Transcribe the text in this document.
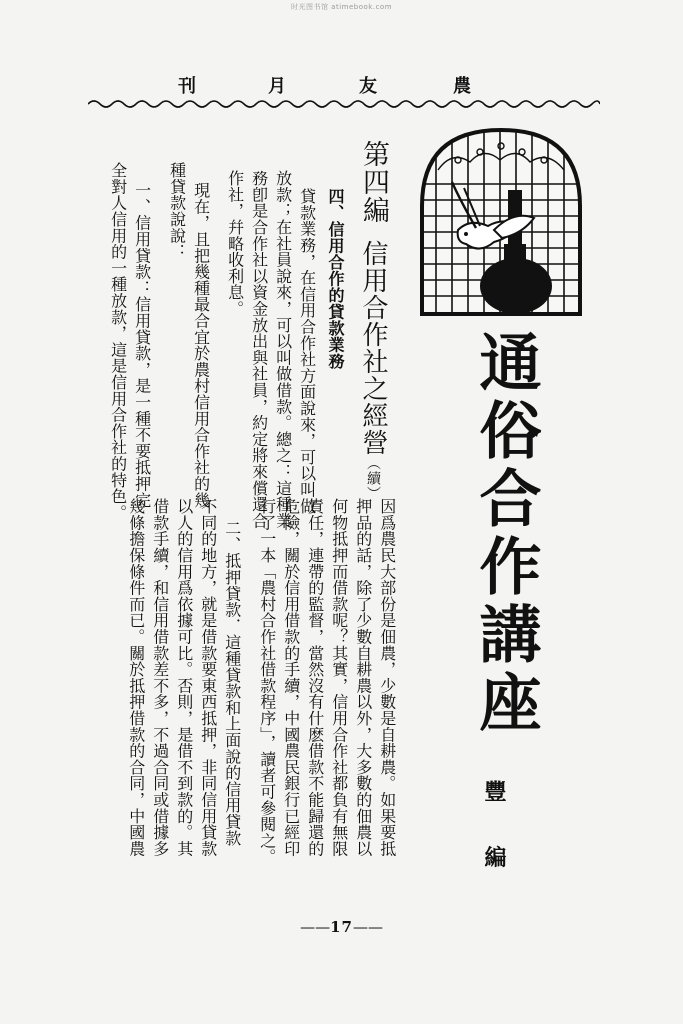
时光图书馆 atimebook.com
農
友
月
刊
第四編信用合作社之經營（續）
四、信用合作的貸款業務
貸款業務，在信用合作社方面說來，可以叫做
放款；在社員說來，可以叫做借款。總之：這種業
務卽是合作社以資金放出與社員，約定將來償還合
作社，幷略收利息。
現在，且把幾種最合宜於農村信用合作社的幾
種貸款說說：
一、信用貸款：信用貸款，是一種不要抵押完
全對人信用的一種放款，這是信用合作社的特色。	通俗合作講座
豐 編
因爲農民大部份是佃農，少數是自耕農。如果要抵
押品的話，除了少數自耕農以外，大多數的佃農以
何物抵押而借款呢？其實，信用合作社都負有無限
責任，連帶的監督，當然沒有什麽借款不能歸還的
危險，關於信用借款的手續，中國農民銀行已經印
行了一本「農村合作社借款程序」，讀者可參閱之。
二、抵押貸款．這種貸款和上面說的信用貸款
不同的地方，就是借款要東西抵押，非同信用貸款
以人的信用爲依據可比。否則，是借不到款的。其
借款手續，和信用借款差不多，不過合同或借據多
幾條擔保條件而已。關於抵押借款的合同，中國農
——17——
